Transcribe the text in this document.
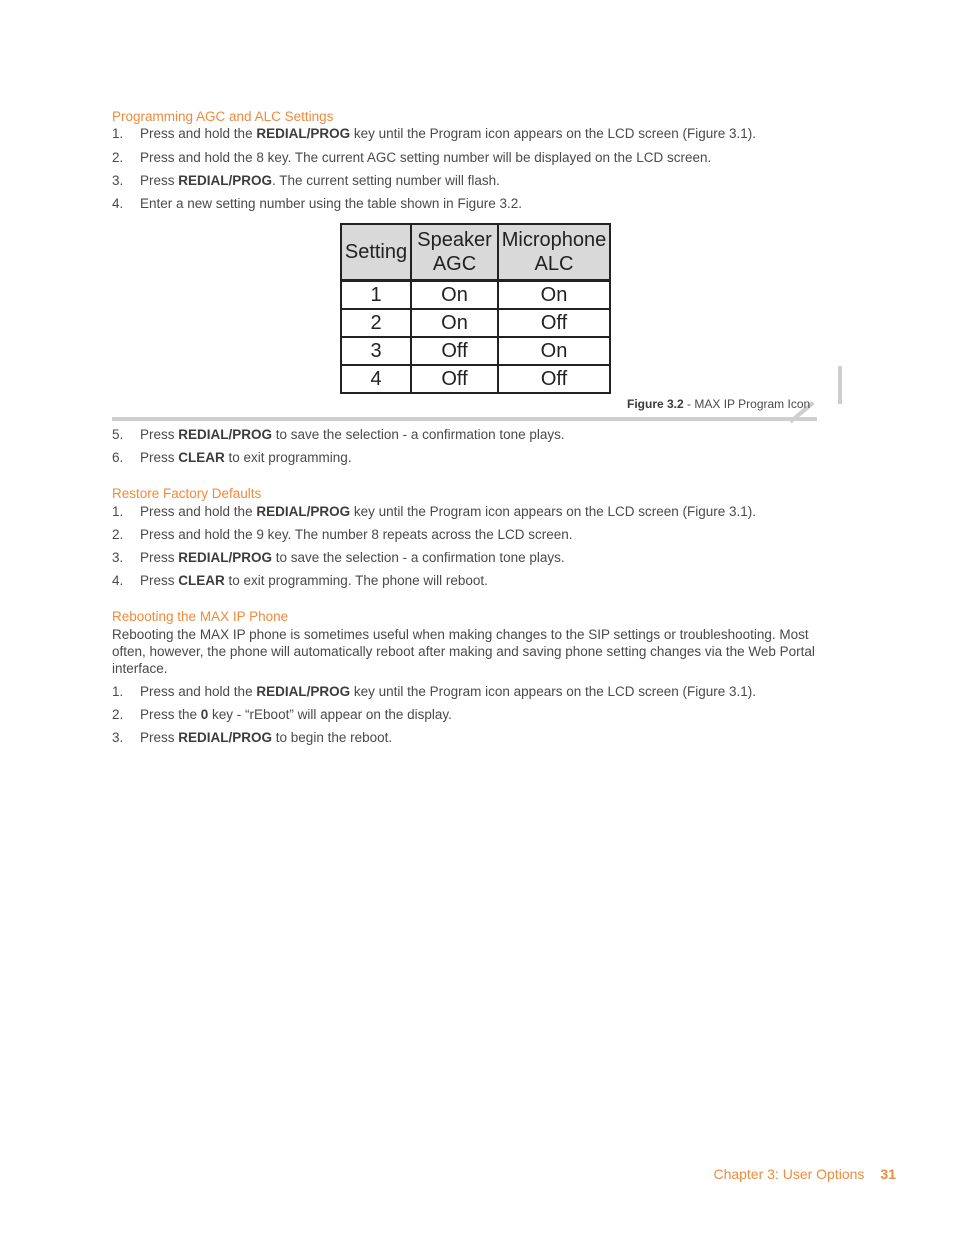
Programming AGC and ALC Settings
1. Press and hold the REDIAL/PROG key until the Program icon appears on the LCD screen (Figure 3.1).
2. Press and hold the 8 key. The current AGC setting number will be displayed on the LCD screen.
3. Press REDIAL/PROG. The current setting number will flash.
4. Enter a new setting number using the table shown in Figure 3.2.
Setting	Speaker AGC	Microphone ALC
1	On	On
2	On	Off
3	Off	On
4	Off	Off
Figure 3.2 - MAX IP Program Icon
5. Press REDIAL/PROG to save the selection - a confirmation tone plays.
6. Press CLEAR to exit programming.
Restore Factory Defaults
1. Press and hold the REDIAL/PROG key until the Program icon appears on the LCD screen (Figure 3.1).
2. Press and hold the 9 key. The number 8 repeats across the LCD screen.
3. Press REDIAL/PROG to save the selection - a confirmation tone plays.
4. Press CLEAR to exit programming. The phone will reboot.
Rebooting the MAX IP Phone

Rebooting the MAX IP phone is sometimes useful when making changes to the SIP settings or troubleshooting. Most often, however, the phone will automatically reboot after making and saving phone setting changes via the Web Portal interface.

1. Press and hold the REDIAL/PROG key until the Program icon appears on the LCD screen (Figure 3.1).
2. Press the 0 key - “rEboot” will appear on the display.
3. Press REDIAL/PROG to begin the reboot.
Chapter 3: User Options 31
